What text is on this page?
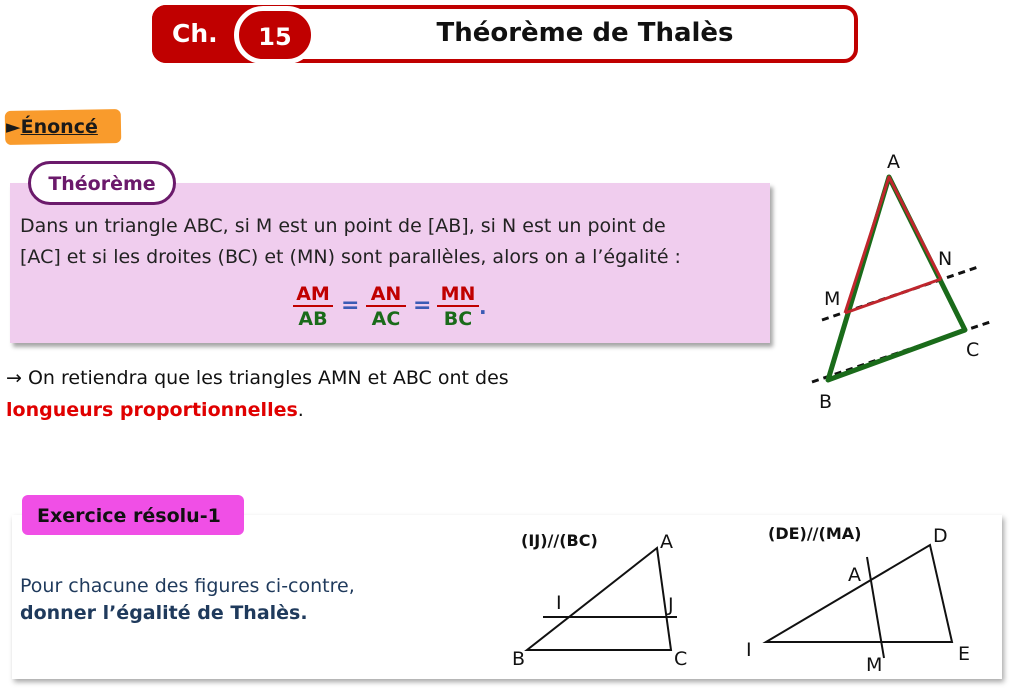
Ch.	15	Théorème de Thalès
►Énoncé
Théorème
Dans un triangle ABC, si M est un point de [AB], si N est un point de
[AC] et si les droites (BC) et (MN) sont parallèles, alors on a l’égalité :
$\frac{AM}{AB} = \frac{AN}{AC} = \frac{MN}{BC}$ .
A
N
M
C
B
→ On retiendra que les triangles AMN et ABC ont des
longueurs proportionnelles.
Exercice résolu-1
Pour chacune des figures ci-contre,
donner l’égalité de Thalès.
(IJ)//(BC)	A
I	J
B	C
(DE)//(MA)	D
A
I	E
M
